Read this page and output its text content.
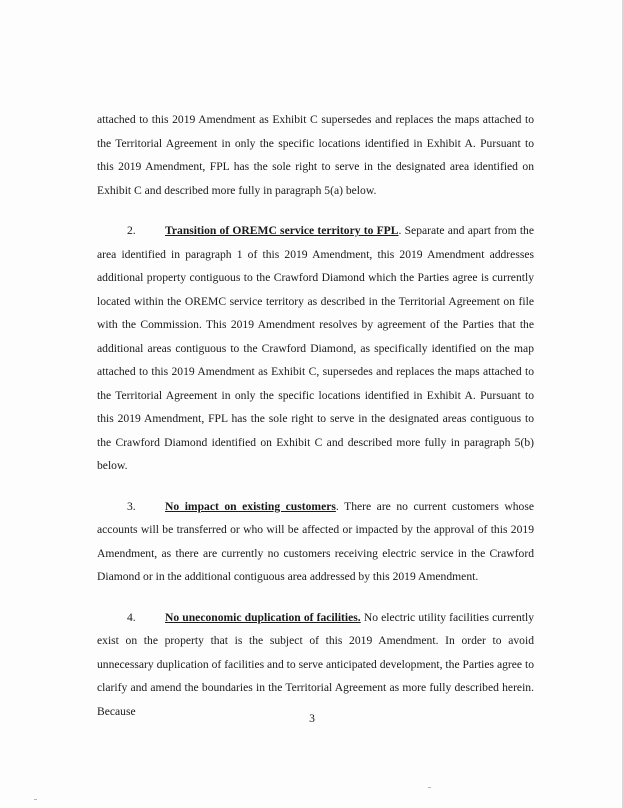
attached to this 2019 Amendment as Exhibit C supersedes and replaces the maps attached to the Territorial Agreement in only the specific locations identified in Exhibit A. Pursuant to this 2019 Amendment, FPL has the sole right to serve in the designated area identified on Exhibit C and described more fully in paragraph 5(a) below.

2.	Transition of OREMC service territory to FPL. Separate and apart from the area identified in paragraph 1 of this 2019 Amendment, this 2019 Amendment addresses additional property contiguous to the Crawford Diamond which the Parties agree is currently located within the OREMC service territory as described in the Territorial Agreement on file with the Commission. This 2019 Amendment resolves by agreement of the Parties that the additional areas contiguous to the Crawford Diamond, as specifically identified on the map attached to this 2019 Amendment as Exhibit C, supersedes and replaces the maps attached to the Territorial Agreement in only the specific locations identified in Exhibit A. Pursuant to this 2019 Amendment, FPL has the sole right to serve in the designated areas contiguous to the Crawford Diamond identified on Exhibit C and described more fully in paragraph 5(b) below.

3.	No impact on existing customers. There are no current customers whose accounts will be transferred or who will be affected or impacted by the approval of this 2019 Amendment, as there are currently no customers receiving electric service in the Crawford Diamond or in the additional contiguous area addressed by this 2019 Amendment.

4.	No uneconomic duplication of facilities. No electric utility facilities currently exist on the property that is the subject of this 2019 Amendment. In order to avoid unnecessary duplication of facilities and to serve anticipated development, the Parties agree to clarify and amend the boundaries in the Territorial Agreement as more fully described herein. Because

3
